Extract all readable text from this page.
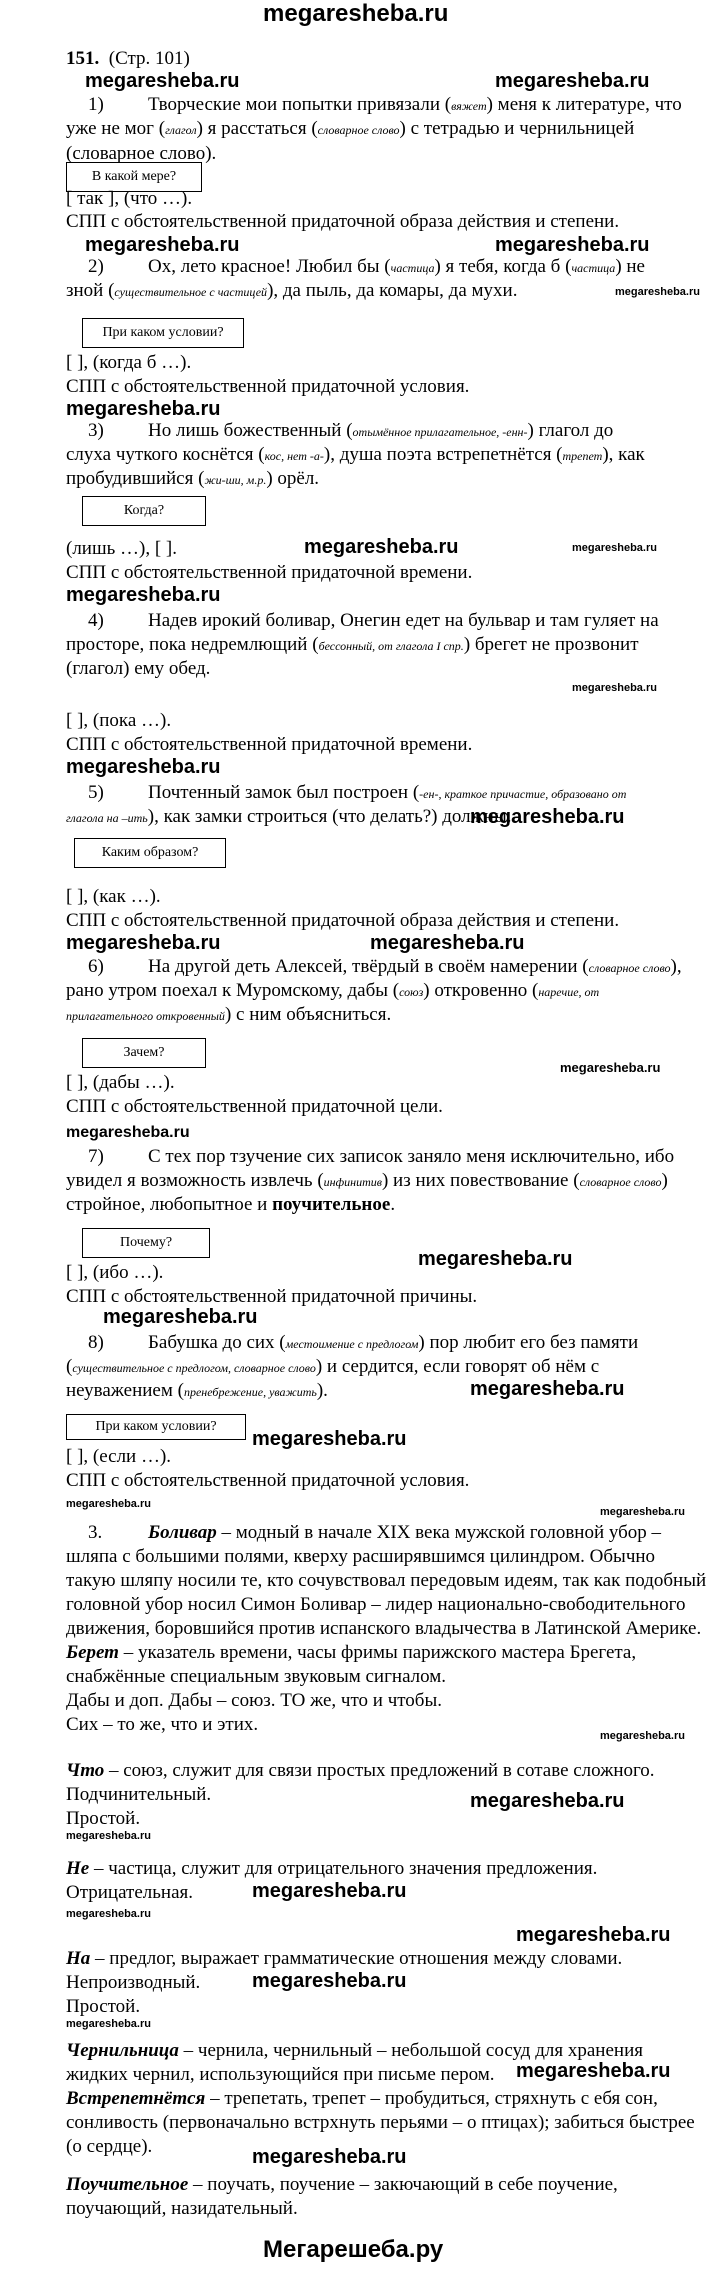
megaresheba.ru
151. (Стр. 101)
megaresheba.ru	megaresheba.ru
1) Творческие мои попытки привязали (вяжет) меня к литературе, что
уже не мог (глагол) я расстаться (словарное слово) с тетрадью и чернильницей
(словарное слово).
В какой мере?
[ так ], (что …).
СПП с обстоятельственной придаточной образа действия и степени.
megaresheba.ru	megaresheba.ru
2) Ох, лето красное! Любил бы (частица) я тебя, когда б (частица) не
зной (существительное с частицей), да пыль, да комары, да мухи.	megaresheba.ru
При каком условии?
[ ], (когда б …).
СПП с обстоятельственной придаточной условия.
megaresheba.ru
3) Но лишь божественный (отымённое прилагательное, -енн-) глагол до
слуха чуткого коснётся (кос, нет -а-), душа поэта встрепетнётся (трепет), как
пробудившийся (жи-ши, м.р.) орёл.
Когда?
(лишь …), [ ].	megaresheba.ru	megaresheba.ru
СПП с обстоятельственной придаточной времени.
megaresheba.ru
4) Надев ирокий боливар, Онегин едет на бульвар и там гуляет на
просторе, пока недремлющий (бессонный, от глагола I спр.) брегет не прозвонит
(глагол) ему обед.
megaresheba.ru
[ ], (пока …).
СПП с обстоятельственной придаточной времени.
megaresheba.ru
5) Почтенный замок был построен (-ен-, краткое причастие, образовано от
глагола на –ить), как замки строиться (что делать?) должны.
megaresheba.ru
Каким образом?
[ ], (как …).
СПП с обстоятельственной придаточной образа действия и степени.
megaresheba.ru	megaresheba.ru
6) На другой деть Алексей, твёрдый в своём намерении (словарное слово),
рано утром поехал к Муромскому, дабы (союз) откровенно (наречие, от
прилагательного откровенный) с ним объясниться.
Зачем?
megaresheba.ru
[ ], (дабы …).
СПП с обстоятельственной придаточной цели.
megaresheba.ru
7) С тех пор тзучение сих записок заняло меня исключительно, ибо
увидел я возможность извлечь (инфинитив) из них повествование (словарное слово)
стройное, любопытное и поучительное.
Почему?
megaresheba.ru
[ ], (ибо …).
СПП с обстоятельственной придаточной причины.
megaresheba.ru
8) Бабушка до сих (местоимение с предлогом) пор любит его без памяти
(существительное с предлогом, словарное слово) и сердится, если говорят об нём с
неуважением (пренебрежение, уважить).	megaresheba.ru
При каком условии?
megaresheba.ru
[ ], (если …).
СПП с обстоятельственной придаточной условия.
megaresheba.ru
megaresheba.ru
3. Боливар – модный в начале XIX века мужской головной убор –
шляпа с большими полями, кверху расширявшимся цилиндром. Обычно
такую шляпу носили те, кто сочувствовал передовым идеям, так как подобный
головной убор носил Симон Боливар – лидер национально-свободительного
движения, боровшийся против испанского владычества в Латинской Америке.
Берет – указатель времени, часы фримы парижского мастера Брегета,
снабжённые специальным звуковым сигналом.
Дабы и доп. Дабы – союз. ТО же, что и чтобы.
Сих – то же, что и этих.
megaresheba.ru
Что – союз, служит для связи простых предложений в сотаве сложного.
Подчинительный.	megaresheba.ru
Простой.
megaresheba.ru
Не – частица, служит для отрицательного значения предложения.
Отрицательная.	megaresheba.ru
megaresheba.ru
megaresheba.ru
На – предлог, выражает грамматические отношения между словами.
Непроизводный.	megaresheba.ru
Простой.
megaresheba.ru
Чернильница – чернила, чернильный – небольшой сосуд для хранения
жидких чернил, использующийся при письме пером. megaresheba.ru
Встрепетнётся – трепетать, трепет – пробудиться, стряхнуть с ебя сон,
сонливость (первоначально встрхнуть перьями – о птицах); забиться быстрее
(о сердце).	megaresheba.ru
Поучительное – поучать, поучение – закючающий в себе поучение,
поучающий, назидательный.
Мегарешеба.ру
